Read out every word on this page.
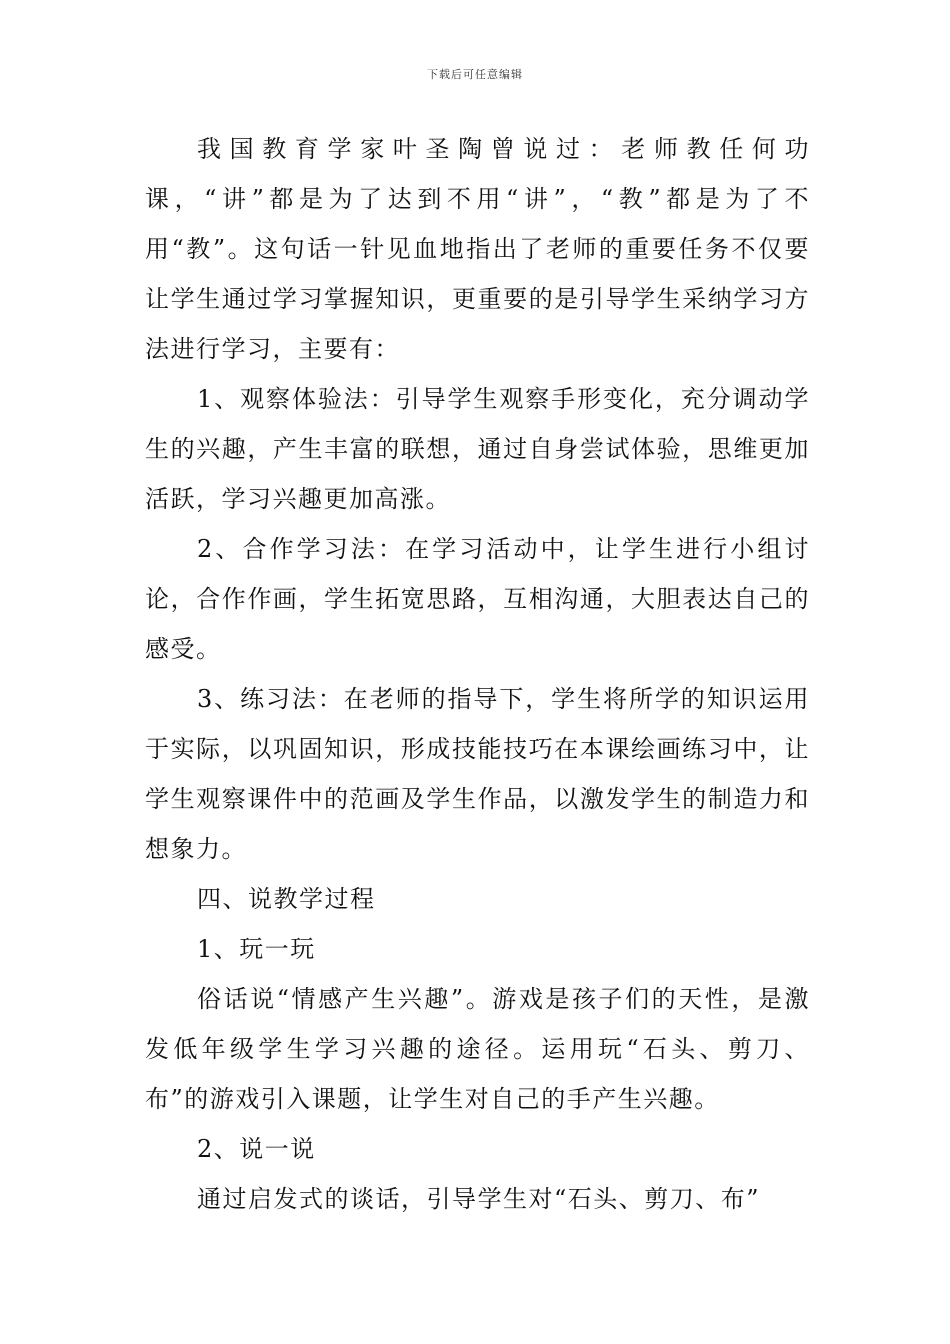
下载后可任意编辑

我国教育学家叶圣陶曾说过：老师教任何功课，“讲”都是为了达到不用“讲”，“教”都是为了不用“教”。这句话一针见血地指出了老师的重要任务不仅要让学生通过学习掌握知识，更重要的是引导学生采纳学习方法进行学习，主要有：

1、观察体验法：引导学生观察手形变化，充分调动学生的兴趣，产生丰富的联想，通过自身尝试体验，思维更加活跃，学习兴趣更加高涨。

2、合作学习法：在学习活动中，让学生进行小组讨论，合作作画，学生拓宽思路，互相沟通，大胆表达自己的感受。

3、练习法：在老师的指导下，学生将所学的知识运用于实际，以巩固知识，形成技能技巧在本课绘画练习中，让学生观察课件中的范画及学生作品，以激发学生的制造力和想象力。

四、说教学过程

1、玩一玩

俗话说“情感产生兴趣”。游戏是孩子们的天性，是激发低年级学生学习兴趣的途径。运用玩“石头、剪刀、布”的游戏引入课题，让学生对自己的手产生兴趣。

2、说一说

通过启发式的谈话，引导学生对“石头、剪刀、布”
